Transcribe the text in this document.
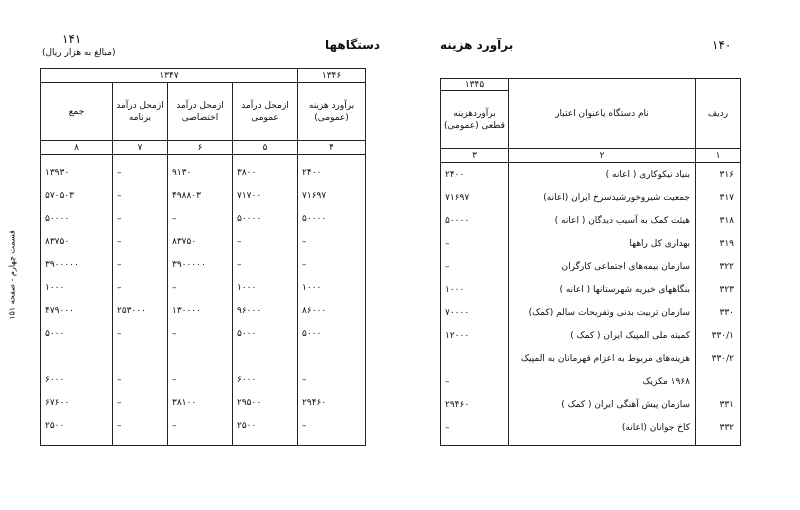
۱۴۱
(مبالغ به هزار ریال)
دستگاهها
قسمت چهارم - صفحه ۱۵۱
۱۳۴۷				۱۳۴۶
جمع	ازمحل درآمد برنامه	ازمحل درآمد اختصاصی	ازمحل درآمد عمومی	برآورد هزینه (عمومی)
۸	۷	۶	۵	۴
۱۳۹۳۰	–	۹۱۳۰	۳۸۰۰	۲۴۰۰
۵۷۰۵۰۳	–	۴۹۸۸۰۳	۷۱۷۰۰	۷۱۶۹۷
۵۰۰۰۰	–	–	۵۰۰۰۰	۵۰۰۰۰
۸۳۷۵۰	–	۸۳۷۵۰	–	–
۳۹۰۰۰۰۰	–	۳۹۰۰۰۰۰	–	–
۱۰۰۰	–	–	۱۰۰۰	۱۰۰۰
۴۷۹۰۰۰	۲۵۳۰۰۰	۱۳۰۰۰۰	۹۶۰۰۰	۸۶۰۰۰
۵۰۰۰	–	–	۵۰۰۰	۵۰۰۰

۶۰۰۰	–	–	۶۰۰۰	–
۶۷۶۰۰	–	۳۸۱۰۰	۲۹۵۰۰	۲۹۴۶۰
۲۵۰۰	–	–	۲۵۰۰	–

۱۴۰
برآورد هزینه
۱۳۴۵	نام دستگاه یاعنوان اعتبار	ردیف
برآوردهزینه قطعی (عمومی)		
۳	۲	۱
۲۴۰۰	بنیاد نیکوکاری ( اعانه )	۳۱۶
۷۱۶۹۷	جمعیت شیروخورشیدسرخ ایران (اعانه)	۳۱۷
۵۰۰۰۰	هیئت کمک به آسیب دیدگان ( اعانه )	۳۱۸
–	بهداری کل راهها	۳۱۹
–	سازمان بیمه‌های اجتماعی کارگران	۳۲۲
۱۰۰۰	بنگاههای خیریه شهرستانها ( اعانه )	۳۲۳
۷۰۰۰۰	سازمان تربیت بدنی وتفریحات سالم (کمک)	۳۳۰
۱۲۰۰۰	کمیته ملی المپیک ایران ( کمک )	۳۳۰/۱
	هزینه‌های مربوط به اعزام قهرمانان به المپیک	۳۳۰/۲
–	۱۹۶۸ مکزیک	
۲۹۴۶۰	سازمان پیش آهنگی ایران ( کمک )	۳۳۱
–	کاخ جوانان (اعانه)	۳۳۲
